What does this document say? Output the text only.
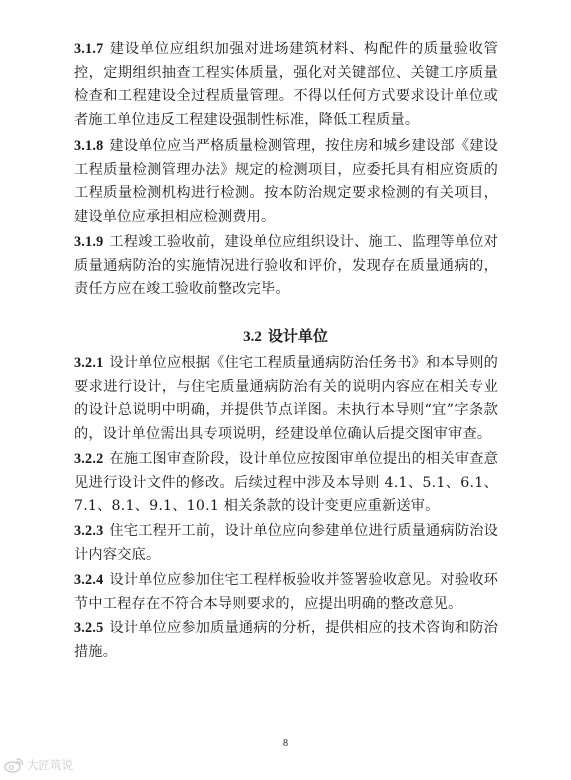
3.1.7 建设单位应组织加强对进场建筑材料、构配件的质量验收管控，定期组织抽查工程实体质量，强化对关键部位、关键工序质量检查和工程建设全过程质量管理。不得以任何方式要求设计单位或者施工单位违反工程建设强制性标准，降低工程质量。
3.1.8 建设单位应当严格质量检测管理，按住房和城乡建设部《建设工程质量检测管理办法》规定的检测项目，应委托具有相应资质的工程质量检测机构进行检测。按本防治规定要求检测的有关项目，建设单位应承担相应检测费用。
3.1.9 工程竣工验收前，建设单位应组织设计、施工、监理等单位对质量通病防治的实施情况进行验收和评价，发现存在质量通病的，责任方应在竣工验收前整改完毕。
3.2 设计单位
3.2.1 设计单位应根据《住宅工程质量通病防治任务书》和本导则的要求进行设计，与住宅质量通病防治有关的说明内容应在相关专业的设计总说明中明确，并提供节点详图。未执行本导则“宜”字条款的，设计单位需出具专项说明，经建设单位确认后提交图审审查。
3.2.2 在施工图审查阶段，设计单位应按图审单位提出的相关审查意见进行设计文件的修改。后续过程中涉及本导则 4.1、5.1、6.1、7.1、8.1、9.1、10.1 相关条款的设计变更应重新送审。
3.2.3 住宅工程开工前，设计单位应向参建单位进行质量通病防治设计内容交底。
3.2.4 设计单位应参加住宅工程样板验收并签署验收意见。对验收环节中工程存在不符合本导则要求的，应提出明确的整改意见。
3.2.5 设计单位应参加质量通病的分析，提供相应的技术咨询和防治措施。
8
大匠筑说
